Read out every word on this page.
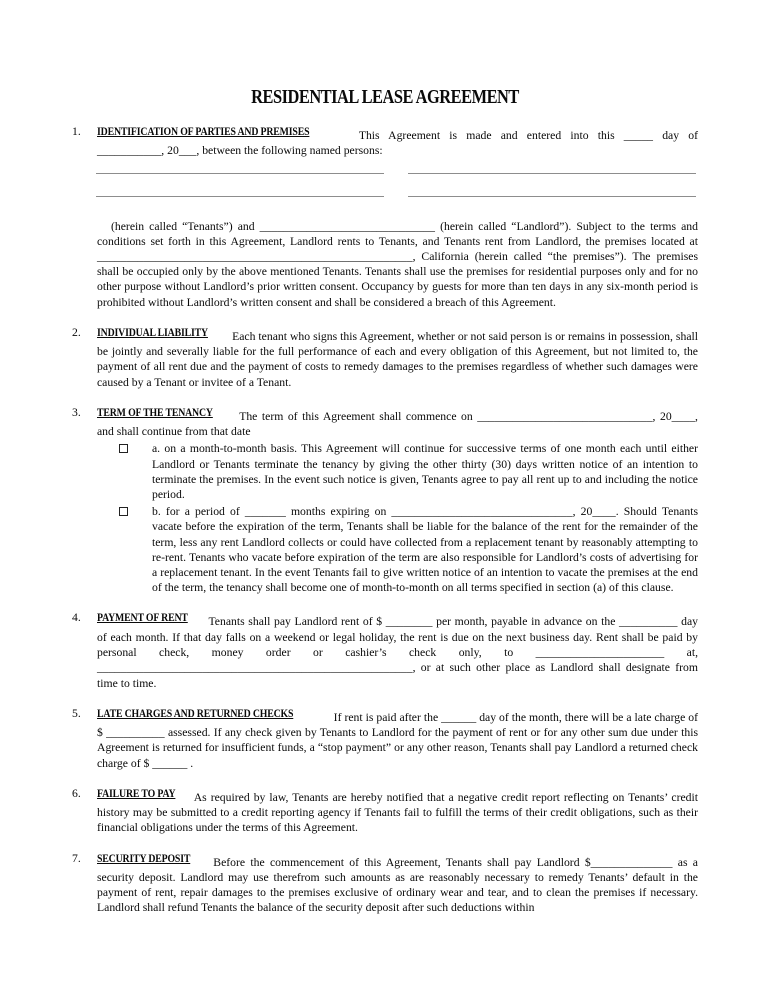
RESIDENTIAL LEASE AGREEMENT
1.	IDENTIFICATION OF PARTIES AND PREMISES	This Agreement is made and entered into this _____ day of ___________, 20___, between the following named persons:
(herein called “Tenants”) and ______________________________ (herein called “Landlord”). Subject to the terms and conditions set forth in this Agreement, Landlord rents to Tenants, and Tenants rent from Landlord, the premises located at ______________________________________________________, California (herein called “the premises”). The premises shall be occupied only by the above mentioned Tenants. Tenants shall use the premises for residential purposes only and for no other purpose without Landlord’s prior written consent. Occupancy by guests for more than ten days in any six-month period is prohibited without Landlord’s written consent and shall be considered a breach of this Agreement.
2.	INDIVIDUAL LIABILITY Each tenant who signs this Agreement, whether or not said person is or remains in possession, shall be jointly and severally liable for the full performance of each and every obligation of this Agreement, but not limited to, the payment of all rent due and the payment of costs to remedy damages to the premises regardless of whether such damages were caused by a Tenant or invitee of a Tenant.
3.	TERM OF THE TENANCY The term of this Agreement shall commence on ______________________________, 20____, and shall continue from that date
a. on a month-to-month basis. This Agreement will continue for successive terms of one month each until either Landlord or Tenants terminate the tenancy by giving the other thirty (30) days written notice of an intention to terminate the premises. In the event such notice is given, Tenants agree to pay all rent up to and including the notice period.
b. for a period of _______ months expiring on _______________________________, 20____. Should Tenants vacate before the expiration of the term, Tenants shall be liable for the balance of the rent for the remainder of the term, less any rent Landlord collects or could have collected from a replacement tenant by reasonably attempting to re-rent. Tenants who vacate before expiration of the term are also responsible for Landlord’s costs of advertising for a replacement tenant. In the event Tenants fail to give written notice of an intention to vacate the premises at the end of the term, the tenancy shall become one of month-to-month on all terms specified in section (a) of this clause.
4.	PAYMENT OF RENT Tenants shall pay Landlord rent of $ ________ per month, payable in advance on the __________ day of each month. If that day falls on a weekend or legal holiday, the rent is due on the next business day. Rent shall be paid by personal check, money order or cashier’s check only, to ______________________ at, ______________________________________________________, or at such other place as Landlord shall designate from time to time.
5.	LATE CHARGES AND RETURNED CHECKS	If rent is paid after the ______ day of the month, there will be a late charge of $ __________ assessed. If any check given by Tenants to Landlord for the payment of rent or for any other sum due under this Agreement is returned for insufficient funds, a “stop payment” or any other reason, Tenants shall pay Landlord a returned check charge of $ ______ .
6.	FAILURE TO PAY As required by law, Tenants are hereby notified that a negative credit report reflecting on Tenants’ credit history may be submitted to a credit reporting agency if Tenants fail to fulfill the terms of their credit obligations, such as their financial obligations under the terms of this Agreement.
7.	SECURITY DEPOSIT Before the commencement of this Agreement, Tenants shall pay Landlord $______________ as a security deposit. Landlord may use therefrom such amounts as are reasonably necessary to remedy Tenants’ default in the payment of rent, repair damages to the premises exclusive of ordinary wear and tear, and to clean the premises if necessary. Landlord shall refund Tenants the balance of the security deposit after such deductions within
